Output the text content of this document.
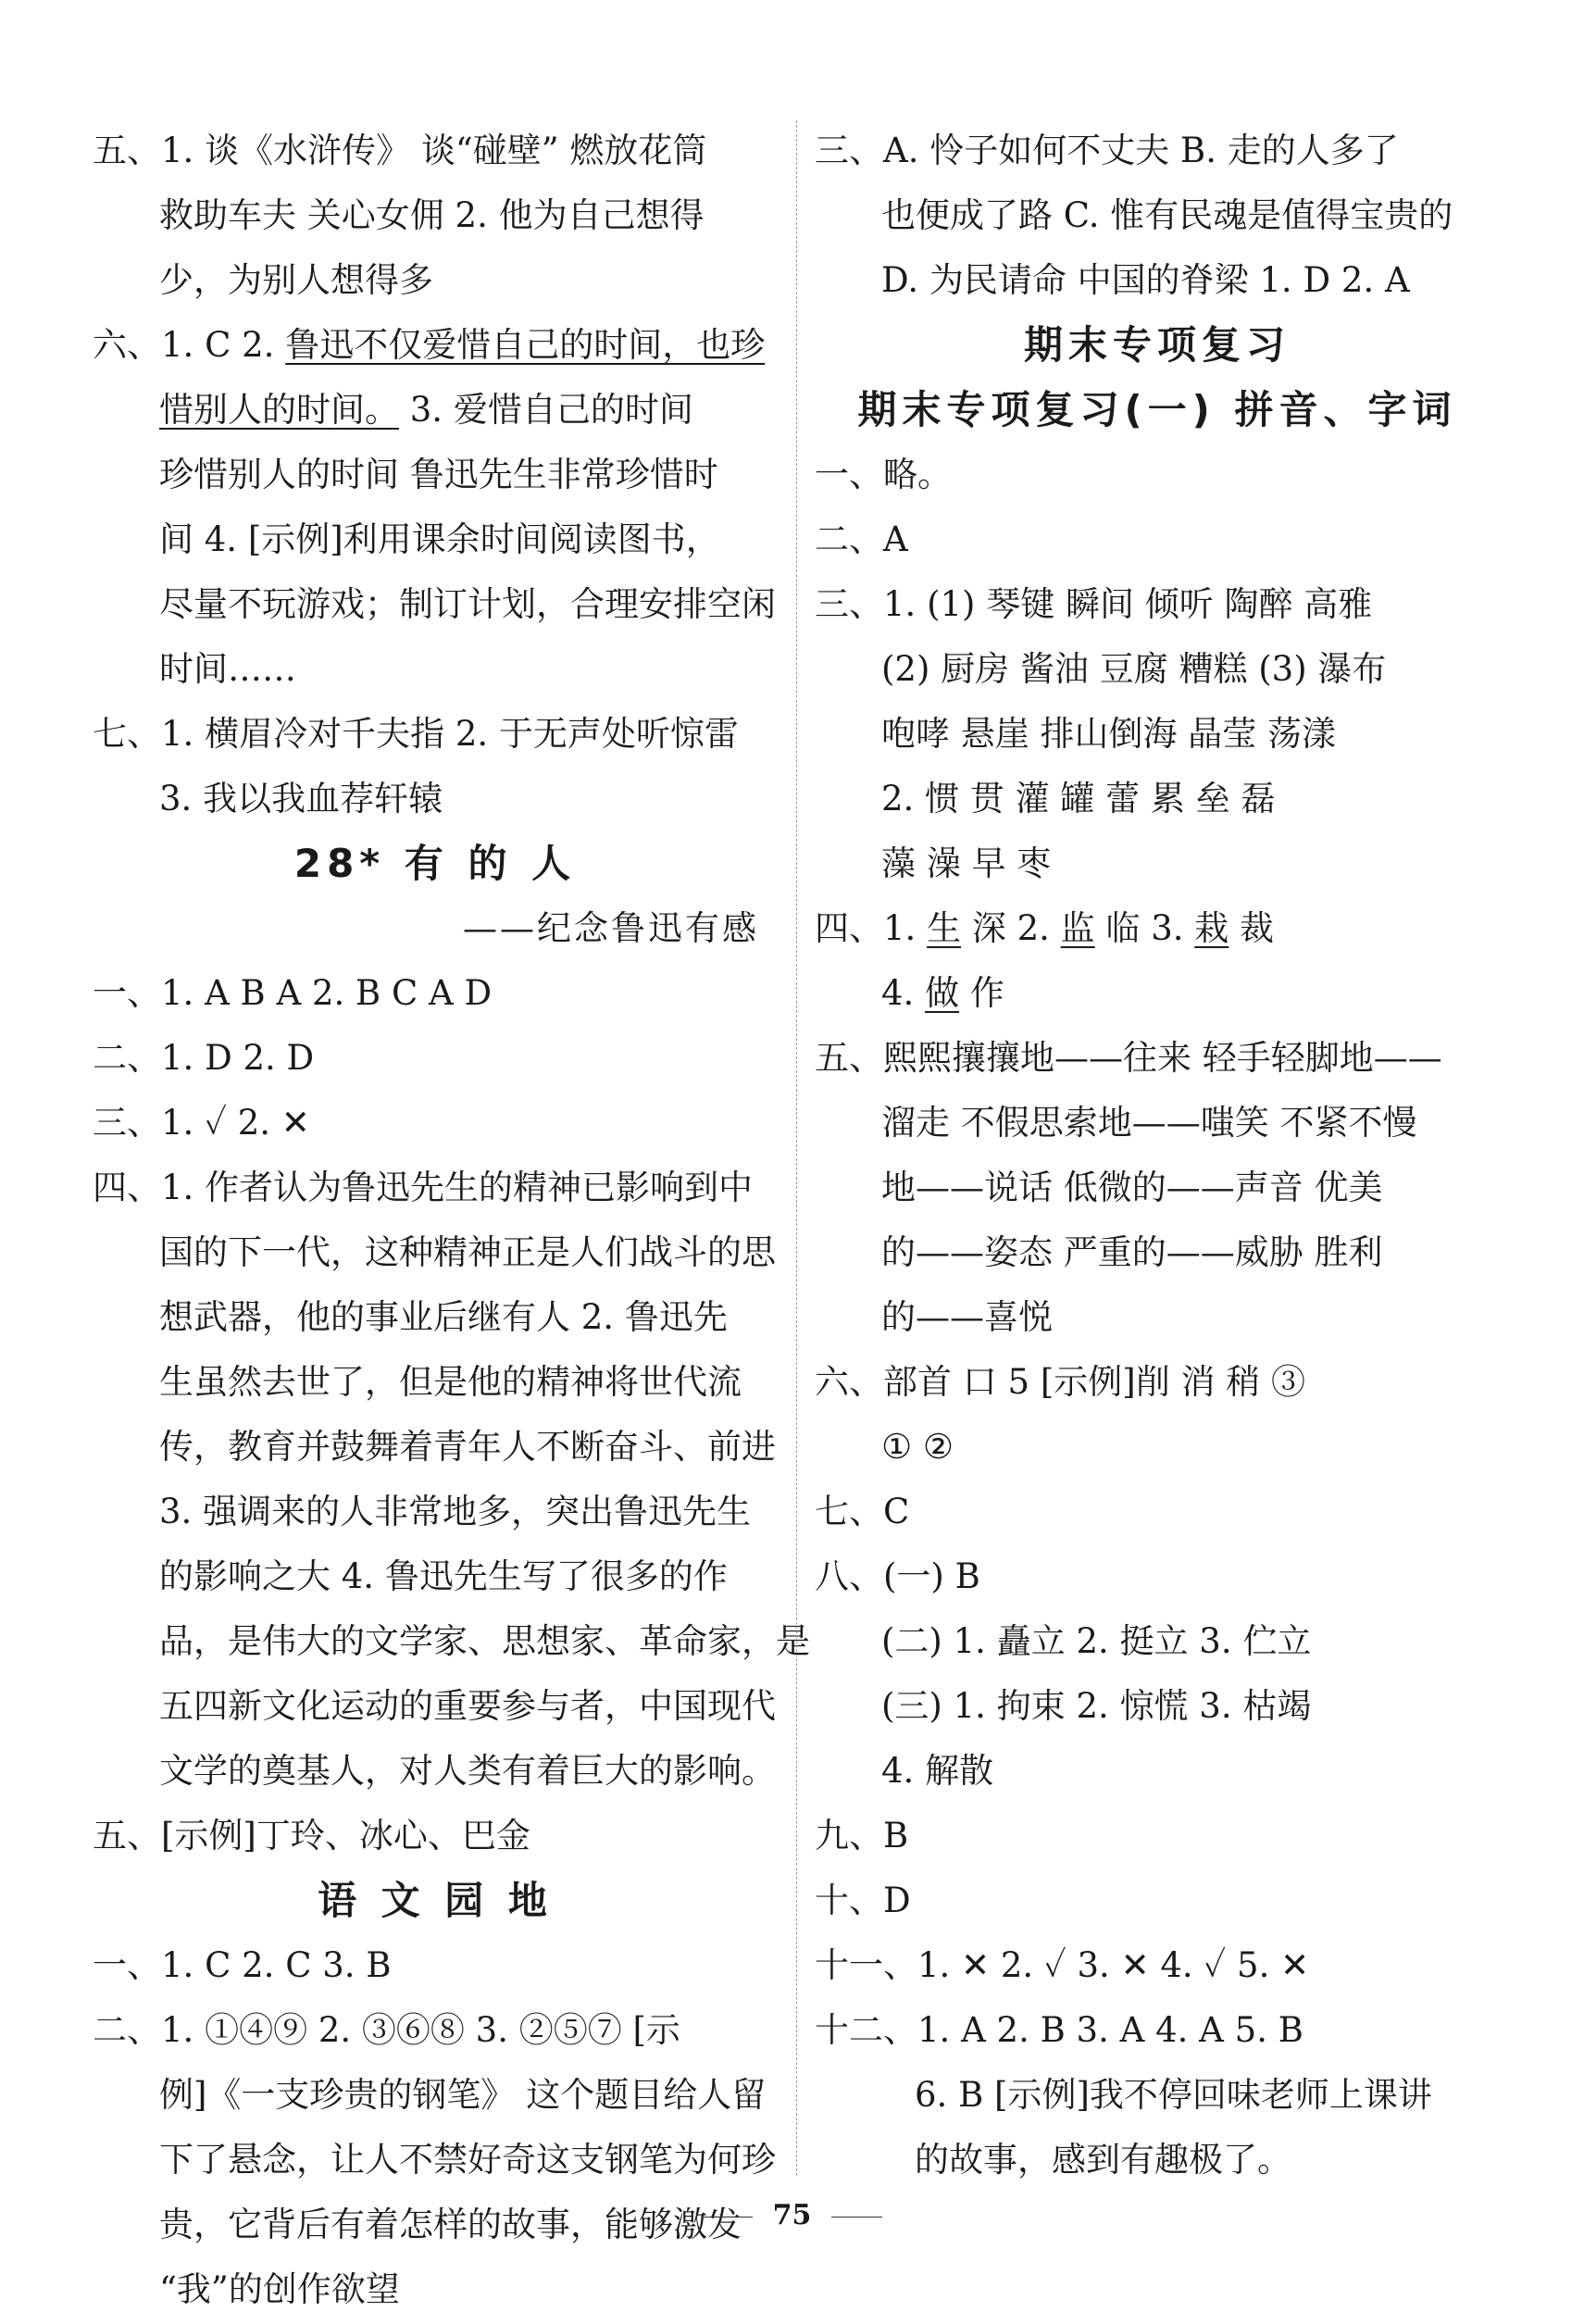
五、1. 谈《水浒传》 谈“碰壁” 燃放花筒
救助车夫 关心女佣 2. 他为自己想得
少，为别人想得多
六、1. C 2. 鲁迅不仅爱惜自己的时间，也珍
惜别人的时间。 3. 爱惜自己的时间
珍惜别人的时间 鲁迅先生非常珍惜时
间 4. [示例]利用课余时间阅读图书，
尽量不玩游戏；制订计划，合理安排空闲
时间……
七、1. 横眉冷对千夫指 2. 于无声处听惊雷
3. 我以我血荐轩辕
28* 有 的 人
——纪念鲁迅有感
一、1. A B A 2. B C A D
二、1. D 2. D
三、1. ✓ 2. ✕
四、1. 作者认为鲁迅先生的精神已影响到中
国的下一代，这种精神正是人们战斗的思
想武器，他的事业后继有人 2. 鲁迅先
生虽然去世了，但是他的精神将世代流
传，教育并鼓舞着青年人不断奋斗、前进
3. 强调来的人非常地多，突出鲁迅先生
的影响之大 4. 鲁迅先生写了很多的作
品，是伟大的文学家、思想家、革命家，是
五四新文化运动的重要参与者，中国现代
文学的奠基人，对人类有着巨大的影响。
五、[示例]丁玲、冰心、巴金
语 文 园 地
一、1. C 2. C 3. B
二、1. ①④⑨ 2. ③⑥⑧ 3. ②⑤⑦ [示
例]《一支珍贵的钢笔》 这个题目给人留
下了悬念，让人不禁好奇这支钢笔为何珍
贵，它背后有着怎样的故事，能够激发
“我”的创作欲望
三、A. 怜子如何不丈夫 B. 走的人多了
也便成了路 C. 惟有民魂是值得宝贵的
D. 为民请命 中国的脊梁 1. D 2. A
期末专项复习
期末专项复习(一) 拼音、字词
一、略。
二、A
三、1. (1) 琴键 瞬间 倾听 陶醉 高雅
(2) 厨房 酱油 豆腐 糟糕 (3) 瀑布
咆哮 悬崖 排山倒海 晶莹 荡漾
2. 惯 贯 灌 罐 蕾 累 垒 磊
藻 澡 早 枣
四、1. 生 深 2. 监 临 3. 栽 裁
4. 做 作
五、熙熙攘攘地——往来 轻手轻脚地——
溜走 不假思索地——嗤笑 不紧不慢
地——说话 低微的——声音 优美
的——姿态 严重的——威胁 胜利
的——喜悦
六、部首 口 5 [示例]削 消 稍 ③
① ②
七、C
八、(一) B
(二) 1. 矗立 2. 挺立 3. 伫立
(三) 1. 拘束 2. 惊慌 3. 枯竭
4. 解散
九、B
十、D
十一、1. ✕ 2. ✓ 3. ✕ 4. ✓ 5. ✕
十二、1. A 2. B 3. A 4. A 5. B
6. B [示例]我不停回味老师上课讲
的故事，感到有趣极了。
75
